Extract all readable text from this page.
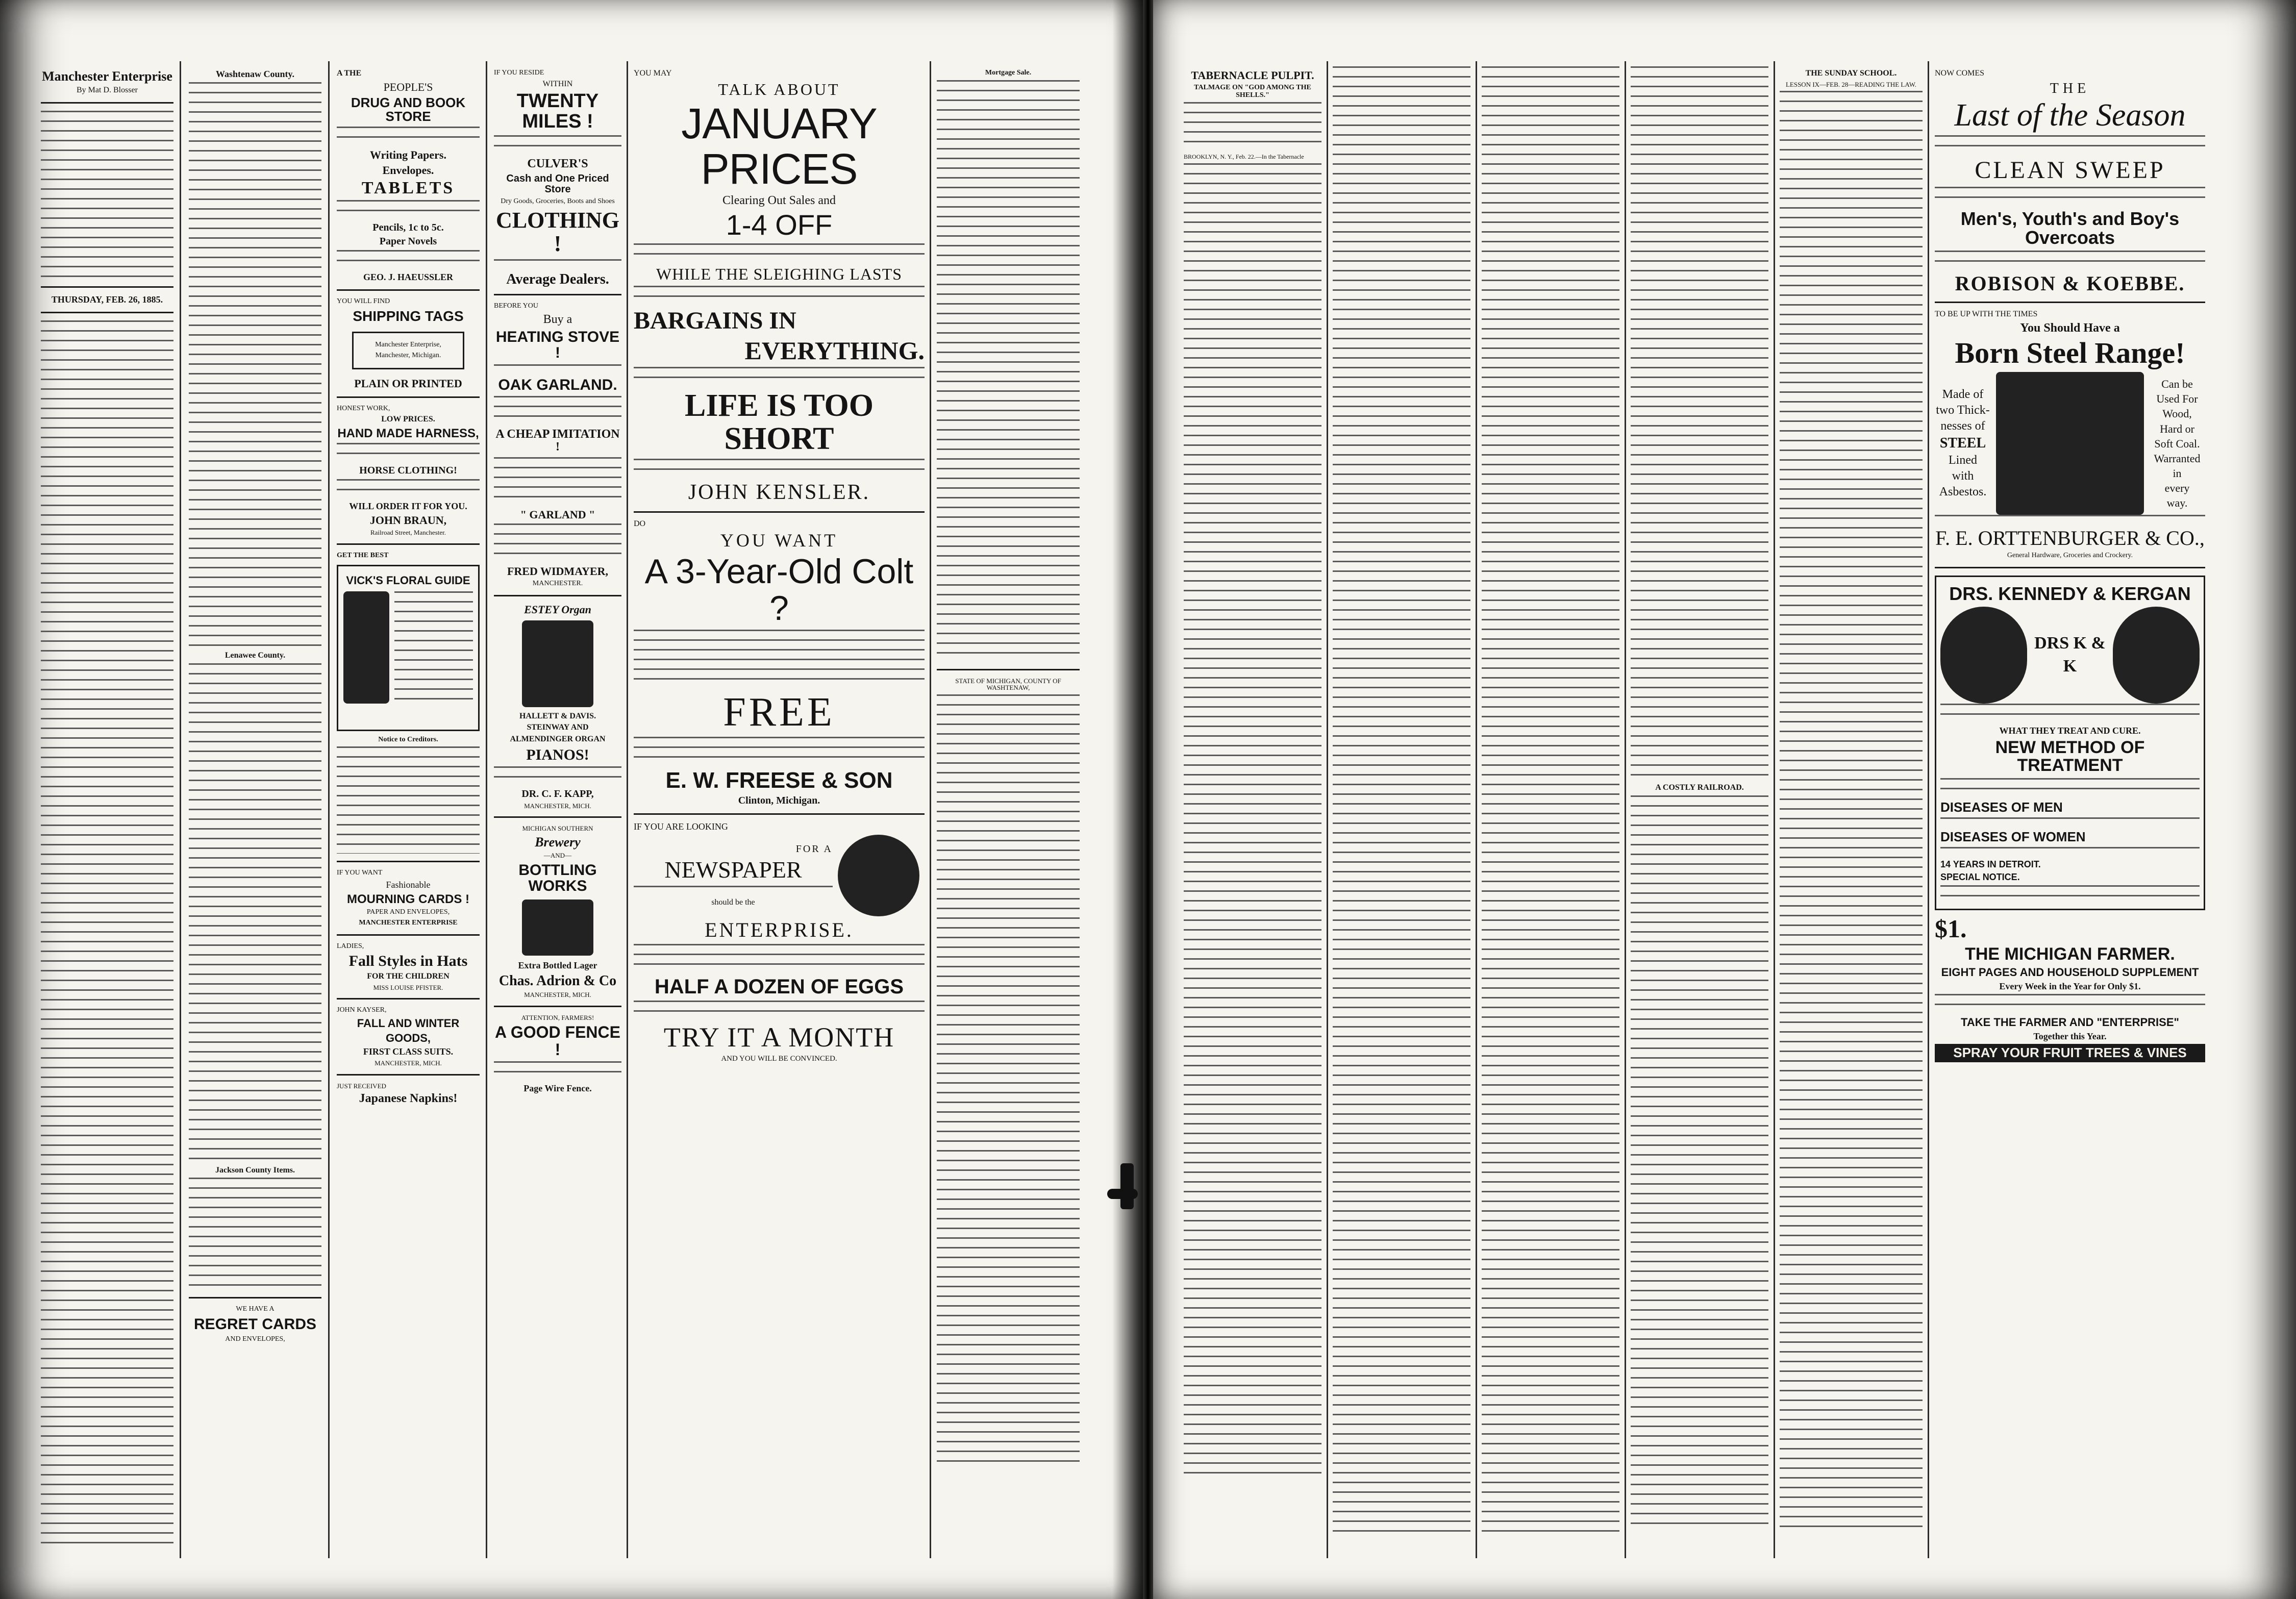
Manchester Enterprise
By Mat D. Blosser
THURSDAY, FEB. 26, 1885.
Washtenaw County.
Lenawee County.
Jackson County Items.
WE HAVE A
REGRET CARDS
AND ENVELOPES,
A THE
PEOPLE'S
DRUG AND BOOK STORE
Writing Papers.
Envelopes.
TABLETS
Pencils, 1c to 5c.
Paper Novels
GEO. J. HAEUSSLER
YOU WILL FIND
SHIPPING TAGS
Manchester Enterprise,
Manchester, Michigan.
PLAIN OR PRINTED
HONEST WORK,
LOW PRICES.
HAND MADE HARNESS,
HORSE CLOTHING!
WILL ORDER IT FOR YOU.
JOHN BRAUN,
Railroad Street, Manchester.
GET THE BEST
VICK'S FLORAL GUIDE
Notice to Creditors.
IF YOU WANT
Fashionable
MOURNING CARDS !
PAPER AND ENVELOPES,
MANCHESTER ENTERPRISE
LADIES,
Fall Styles in Hats
FOR THE CHILDREN
MISS LOUISE PFISTER.
JOHN KAYSER,
FALL AND WINTER
GOODS,
FIRST CLASS SUITS.
MANCHESTER, MICH.
JUST RECEIVED
Japanese Napkins!
IF YOU RESIDE
WITHIN
TWENTY MILES !
CULVER'S
Cash and One Priced Store
Dry Goods, Groceries, Boots and Shoes
CLOTHING !
Average Dealers.
BEFORE YOU
Buy a
HEATING STOVE !
OAK GARLAND.
A CHEAP IMITATION !
" GARLAND "
FRED WIDMAYER,
MANCHESTER.
ESTEY Organ
HALLETT & DAVIS.
STEINWAY AND
ALMENDINGER ORGAN
PIANOS!
DR. C. F. KAPP,
MANCHESTER, MICH.
MICHIGAN SOUTHERN
Brewery
—AND—
BOTTLING WORKS
Extra Bottled Lager
Chas. Adrion & Co
MANCHESTER, MICH.
ATTENTION, FARMERS!
A GOOD FENCE !
Page Wire Fence.
YOU MAY
TALK ABOUT
JANUARY PRICES
Clearing Out Sales and
1-4 OFF
WHILE THE SLEIGHING LASTS
BARGAINS IN
EVERYTHING.
LIFE IS TOO SHORT
JOHN KENSLER.
DO
YOU WANT
A 3-Year-Old Colt ?
FREE
E. W. FREESE & SON
Clinton, Michigan.
IF YOU ARE LOOKING
FOR A
NEWSPAPER
should be the
ENTERPRISE.
HALF A DOZEN OF EGGS
TRY IT A MONTH
AND YOU WILL BE CONVINCED.
Mortgage Sale.
STATE OF MICHIGAN, COUNTY OF WASHTENAW,
TABERNACLE PULPIT.
TALMAGE ON "GOD AMONG THE SHELLS."
BROOKLYN, N. Y., Feb. 22.—In the Tabernacle
A COSTLY RAILROAD.
THE SUNDAY SCHOOL.
LESSON IX—FEB. 28—READING THE LAW.
NOW COMES
THE
Last of the Season
CLEAN SWEEP
Men's, Youth's and Boy's Overcoats
ROBISON & KOEBBE.
TO BE UP WITH THE TIMES
You Should Have a
Born Steel Range!
Made of
two Thick-
nesses of
STEEL
Lined
with
Asbestos.
Can be
Used For
Wood,
Hard or
Soft Coal.
Warranted
in
every
way.
F. E. ORTTENBURGER & CO.,
General Hardware, Groceries and Crockery.
DRS. KENNEDY & KERGAN
DRS K & K
WHAT THEY TREAT AND CURE.
NEW METHOD OF TREATMENT
DISEASES OF MEN
DISEASES OF WOMEN
14 YEARS IN DETROIT.
SPECIAL NOTICE.
$1.
THE MICHIGAN FARMER.
EIGHT PAGES AND HOUSEHOLD SUPPLEMENT
Every Week in the Year for Only $1.
TAKE THE FARMER AND "ENTERPRISE"
Together this Year.
SPRAY YOUR FRUIT TREES & VINES
